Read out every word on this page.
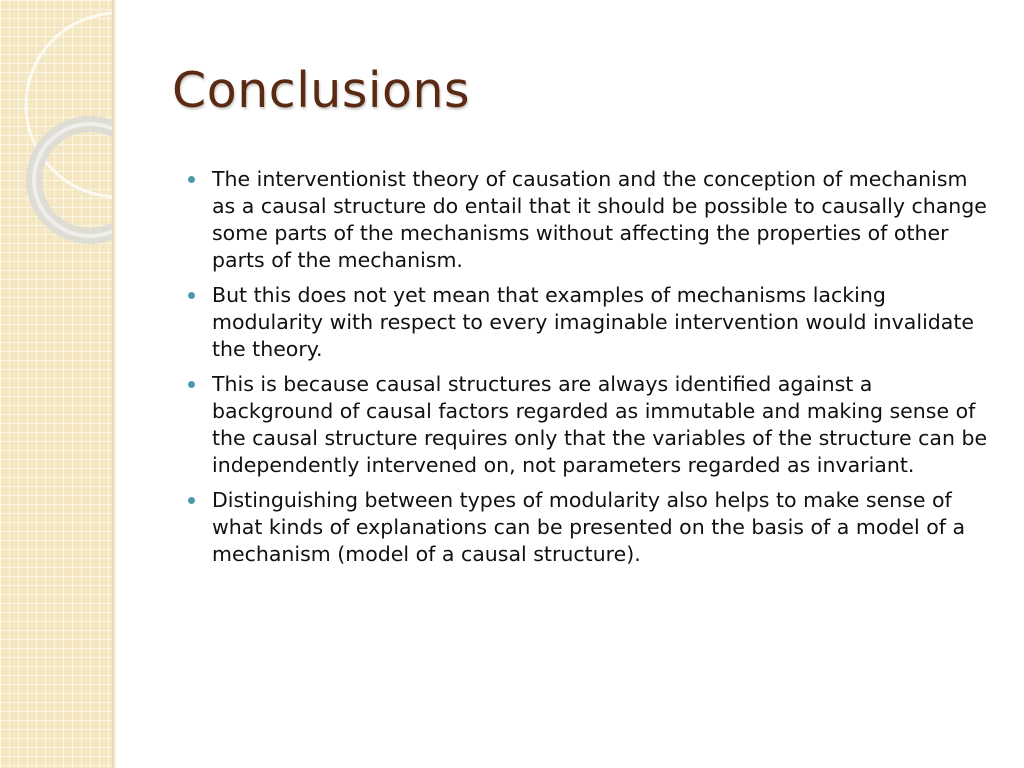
Conclusions
The interventionist theory of causation and the conception of mechanism as a causal structure do entail that it should be possible to causally change some parts of the mechanisms without affecting the properties of other parts of the mechanism.
But this does not yet mean that examples of mechanisms lacking modularity with respect to every imaginable intervention would invalidate the theory.
This is because causal structures are always identified against a background of causal factors regarded as immutable and making sense of the causal structure requires only that the variables of the structure can be independently intervened on, not parameters regarded as invariant.
Distinguishing between types of modularity also helps to make sense of what kinds of explanations can be presented on the basis of a model of a mechanism (model of a causal structure).
